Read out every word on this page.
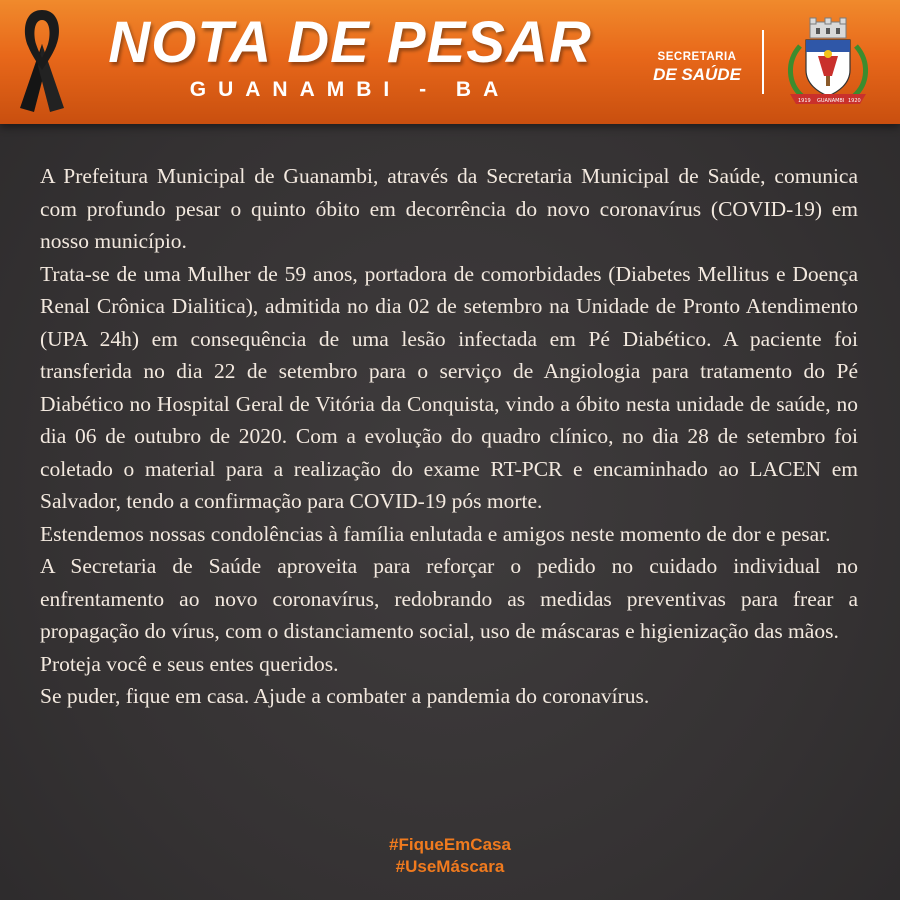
NOTA DE PESAR
GUANAMBI - BA
SECRETARIA
DE SAÚDE
1919 GUANAMBI 1920

A Prefeitura Municipal de Guanambi, através da Secretaria Municipal de Saúde, comunica com profundo pesar o quinto óbito em decorrência do novo coronavírus (COVID-19) em nosso município.

Trata-se de uma Mulher de 59 anos, portadora de comorbidades (Diabetes Mellitus e Doença Renal Crônica Dialitica), admitida no dia 02 de setembro na Unidade de Pronto Atendimento (UPA 24h) em consequência de uma lesão infectada em Pé Diabético. A paciente foi transferida no dia 22 de setembro para o serviço de Angiologia para tratamento do Pé Diabético no Hospital Geral de Vitória da Conquista, vindo a óbito nesta unidade de saúde, no dia 06 de outubro de 2020. Com a evolução do quadro clínico, no dia 28 de setembro foi coletado o material para a realização do exame RT-PCR e encaminhado ao LACEN em Salvador, tendo a confirmação para COVID-19 pós morte.

Estendemos nossas condolências à família enlutada e amigos neste momento de dor e pesar.

A Secretaria de Saúde aproveita para reforçar o pedido no cuidado individual no enfrentamento ao novo coronavírus, redobrando as medidas preventivas para frear a propagação do vírus, com o distanciamento social, uso de máscaras e higienização das mãos.

Proteja você e seus entes queridos.

Se puder, fique em casa. Ajude a combater a pandemia do coronavírus.

#FiqueEmCasa
#UseMáscara
